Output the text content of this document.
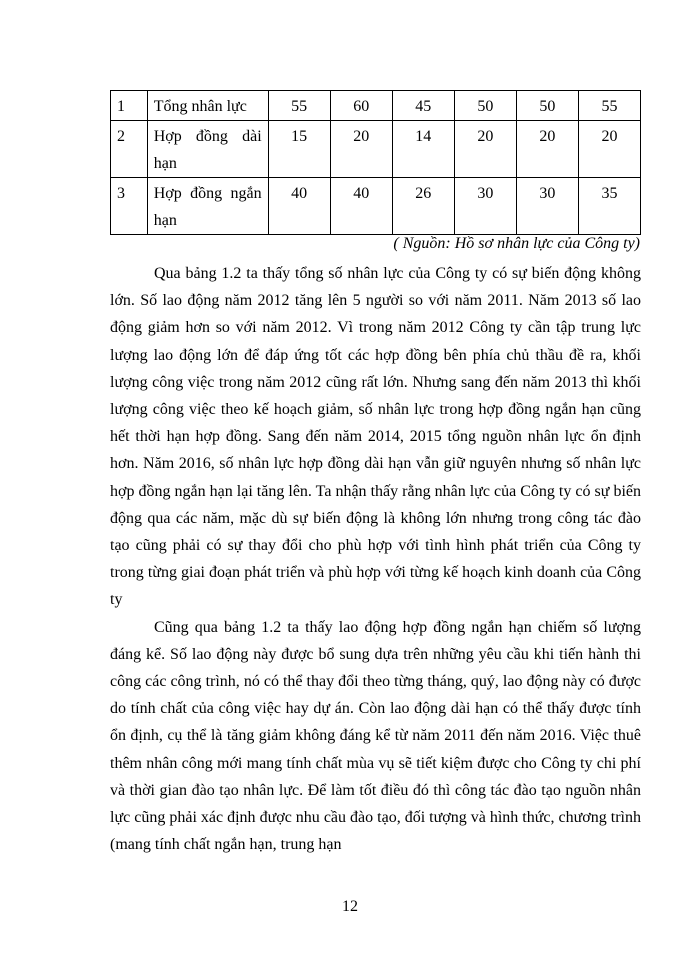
1	Tổng nhân lực	55	60	45	50	50	55
2	Hợp đồng dài hạn	15	20	14	20	20	20
3	Hợp đồng ngắn hạn	40	40	26	30	30	35
( Nguồn: Hồ sơ nhân lực của Công ty)

Qua bảng 1.2 ta thấy tổng số nhân lực của Công ty có sự biến động không lớn. Số lao động năm 2012 tăng lên 5 người so với năm 2011. Năm 2013 số lao động giảm hơn so với năm 2012. Vì trong năm 2012 Công ty cần tập trung lực lượng lao động lớn để đáp ứng tốt các hợp đồng bên phía chủ thầu đề ra, khối lượng công việc trong năm 2012 cũng rất lớn. Nhưng sang đến năm 2013 thì khối lượng công việc theo kế hoạch giảm, số nhân lực trong hợp đồng ngắn hạn cũng hết thời hạn hợp đồng. Sang đến năm 2014, 2015 tổng nguồn nhân lực ổn định hơn. Năm 2016, số nhân lực hợp đồng dài hạn vẫn giữ nguyên nhưng số nhân lực hợp đồng ngắn hạn lại tăng lên. Ta nhận thấy rằng nhân lực của Công ty có sự biến động qua các năm, mặc dù sự biến động là không lớn nhưng trong công tác đào tạo cũng phải có sự thay đổi cho phù hợp với tình hình phát triển của Công ty trong từng giai đoạn phát triển và phù hợp với từng kế hoạch kinh doanh của Công ty

Cũng qua bảng 1.2 ta thấy lao động hợp đồng ngắn hạn chiếm số lượng đáng kể. Số lao động này được bổ sung dựa trên những yêu cầu khi tiến hành thi công các công trình, nó có thể thay đổi theo từng tháng, quý, lao động này có được do tính chất của công việc hay dự án. Còn lao động dài hạn có thể thấy được tính ổn định, cụ thể là tăng giảm không đáng kể từ năm 2011 đến năm 2016. Việc thuê thêm nhân công mới mang tính chất mùa vụ sẽ tiết kiệm được cho Công ty chi phí và thời gian đào tạo nhân lực. Để làm tốt điều đó thì công tác đào tạo nguồn nhân lực cũng phải xác định được nhu cầu đào tạo, đối tượng và hình thức, chương trình (mang tính chất ngắn hạn, trung hạn

12
